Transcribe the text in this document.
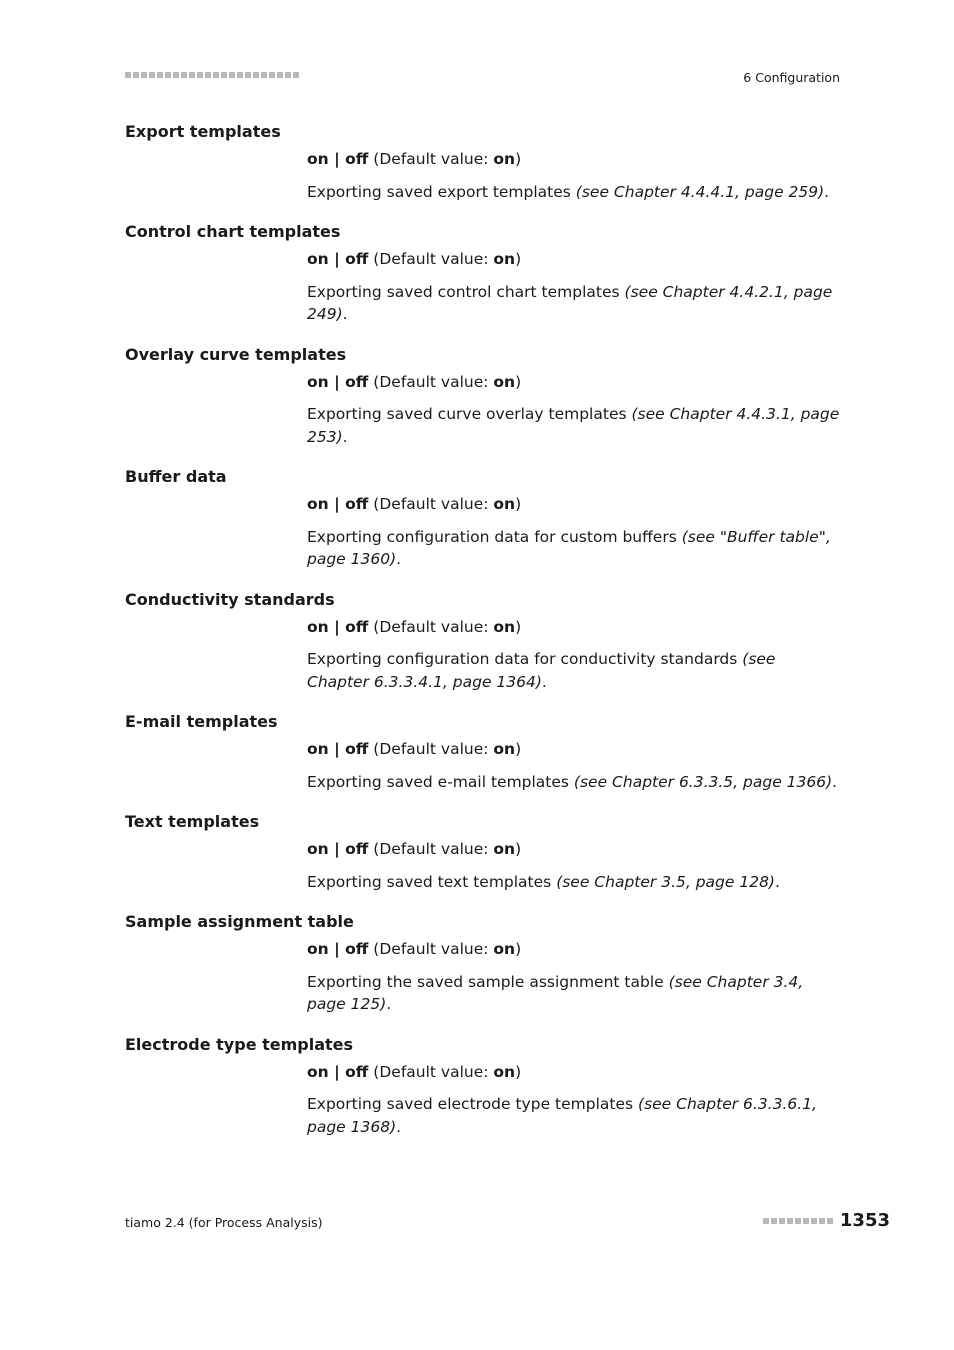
6 Configuration
Export templates
on | off (Default value: on)
Exporting saved export templates (see Chapter 4.4.4.1, page 259).
Control chart templates
on | off (Default value: on)
Exporting saved control chart templates (see Chapter 4.4.2.1, page 249).
Overlay curve templates
on | off (Default value: on)
Exporting saved curve overlay templates (see Chapter 4.4.3.1, page 253).
Buffer data
on | off (Default value: on)
Exporting configuration data for custom buffers (see "Buffer table", page 1360).
Conductivity standards
on | off (Default value: on)
Exporting configuration data for conductivity standards (see Chapter 6.3.3.4.1, page 1364).
E-mail templates
on | off (Default value: on)
Exporting saved e-mail templates (see Chapter 6.3.3.5, page 1366).
Text templates
on | off (Default value: on)
Exporting saved text templates (see Chapter 3.5, page 128).
Sample assignment table
on | off (Default value: on)
Exporting the saved sample assignment table (see Chapter 3.4, page 125).
Electrode type templates
on | off (Default value: on)
Exporting saved electrode type templates (see Chapter 6.3.3.6.1, page 1368).
tiamo 2.4 (for Process Analysis)	1353
